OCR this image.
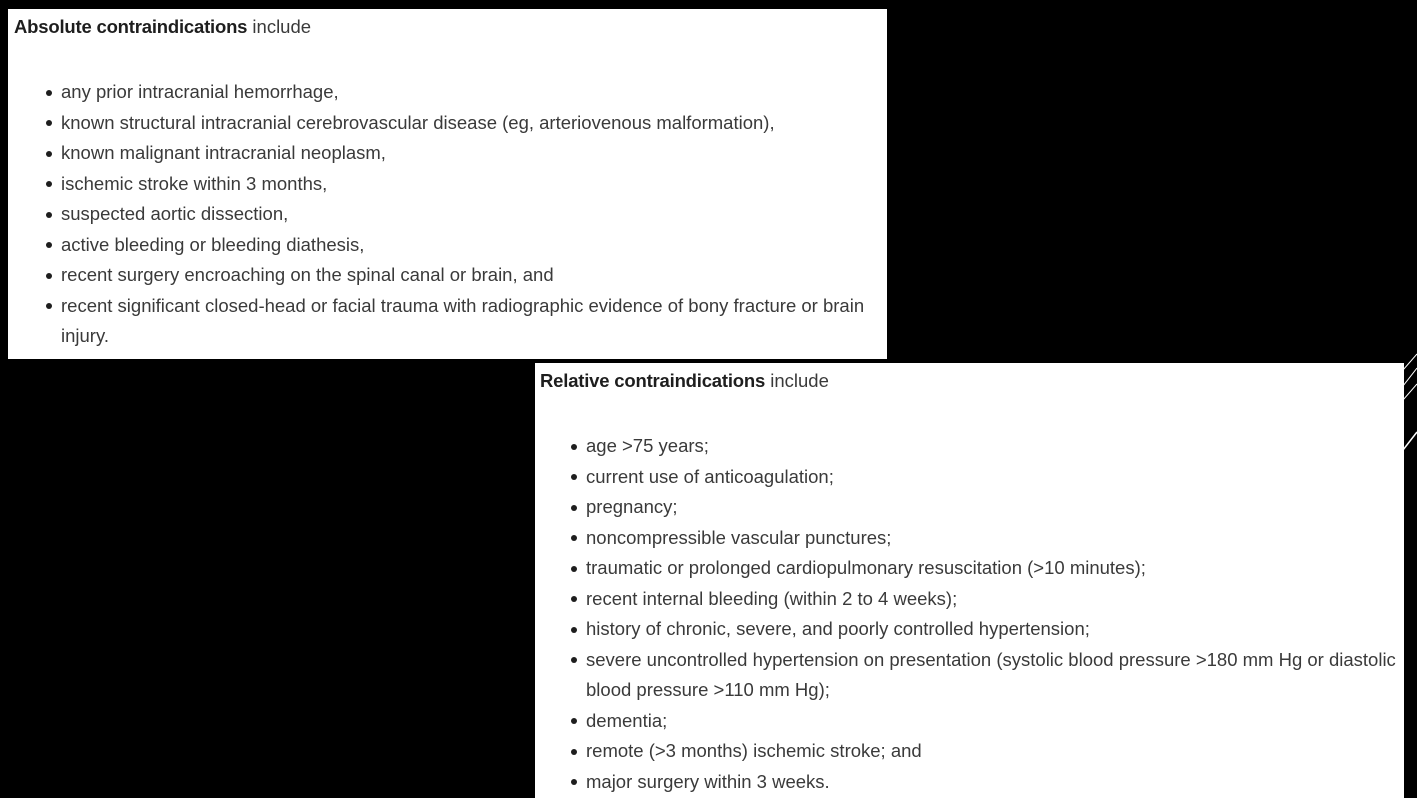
Absolute contraindications include

any prior intracranial hemorrhage,
known structural intracranial cerebrovascular disease (eg, arteriovenous malformation),
known malignant intracranial neoplasm,
ischemic stroke within 3 months,
suspected aortic dissection,
active bleeding or bleeding diathesis,
recent surgery encroaching on the spinal canal or brain, and
recent significant closed-head or facial trauma with radiographic evidence of bony fracture or brain injury.

Relative contraindications include

age >75 years;
current use of anticoagulation;
pregnancy;
noncompressible vascular punctures;
traumatic or prolonged cardiopulmonary resuscitation (>10 minutes);
recent internal bleeding (within 2 to 4 weeks);
history of chronic, severe, and poorly controlled hypertension;
severe uncontrolled hypertension on presentation (systolic blood pressure >180 mm Hg or diastolic blood pressure >110 mm Hg);
dementia;
remote (>3 months) ischemic stroke; and
major surgery within 3 weeks.
